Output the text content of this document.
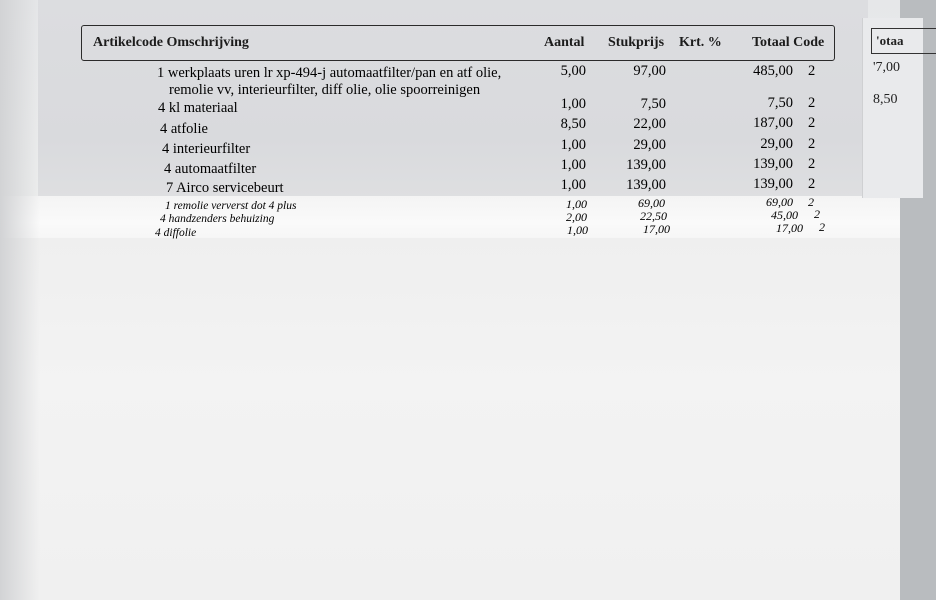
Artikelcode Omschrijving	Aantal Stukprijs Krt. % Totaal Code
1 werkplaats uren lr xp-494-j automaatfilter/pan en atf olie,
remolie vv, interieurfilter, diff olie, olie spoorreinigen
5,00	97,00	485,00 2
4 kl materiaal	1,00	7,50	7,50 2
4 atfolie	8,50	22,00	187,00 2
4 interieurfilter	1,00	29,00	29,00 2
4 automaatfilter	1,00	139,00	139,00 2
7 Airco servicebeurt	1,00	139,00	139,00 2
1 remolie ververst dot 4 plus	1,00	69,00	69,00 2
4 handzenders behuizing	2,00	22,50	45,00 2
4 diffolie	1,00	17,00	17,00 2
'otaa
'7,00
8,50
